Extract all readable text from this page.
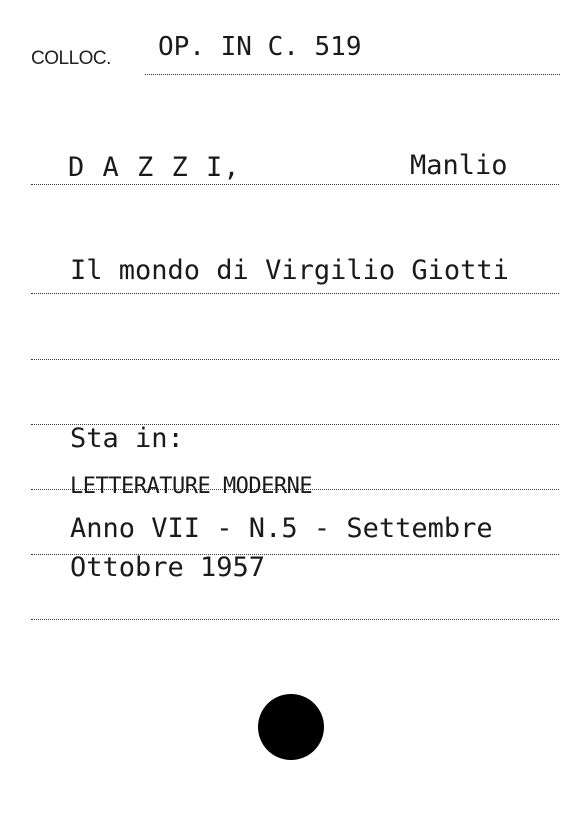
COLLOC. OP. IN C. 519
D A Z Z I,	Manlio
Il mondo di Virgilio Giotti
Sta in:
LETTERATURE MODERNE
Anno VII - N.5 - Settembre
Ottobre 1957
